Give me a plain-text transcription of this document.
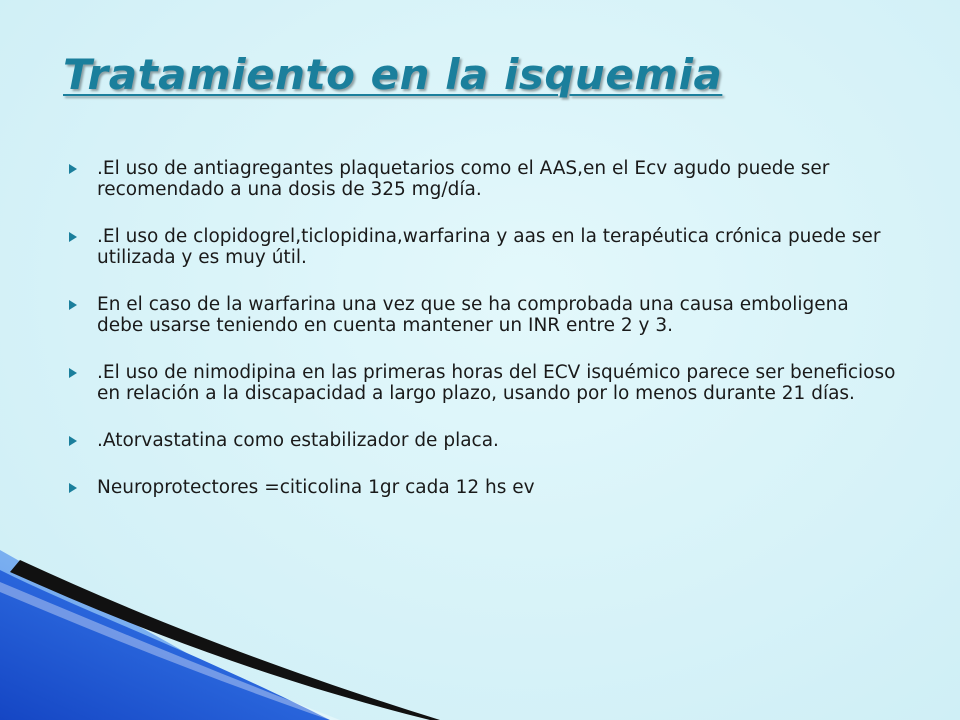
Tratamiento en la isquemia
.El uso de antiagregantes plaquetarios como el AAS,en el Ecv agudo puede ser recomendado a una dosis de 325 mg/día.
.El uso de clopidogrel,ticlopidina,warfarina y aas en la terapéutica crónica puede ser utilizada y es muy útil.
En el caso de la warfarina una vez que se ha comprobada una causa emboligena debe usarse teniendo en cuenta mantener un INR entre 2 y 3.
.El uso de nimodipina en las primeras horas del ECV isquémico parece ser beneficioso en relación a la discapacidad a largo plazo, usando por lo menos durante 21 días.
.Atorvastatina como estabilizador de placa.
Neuroprotectores =citicolina 1gr cada 12 hs ev
